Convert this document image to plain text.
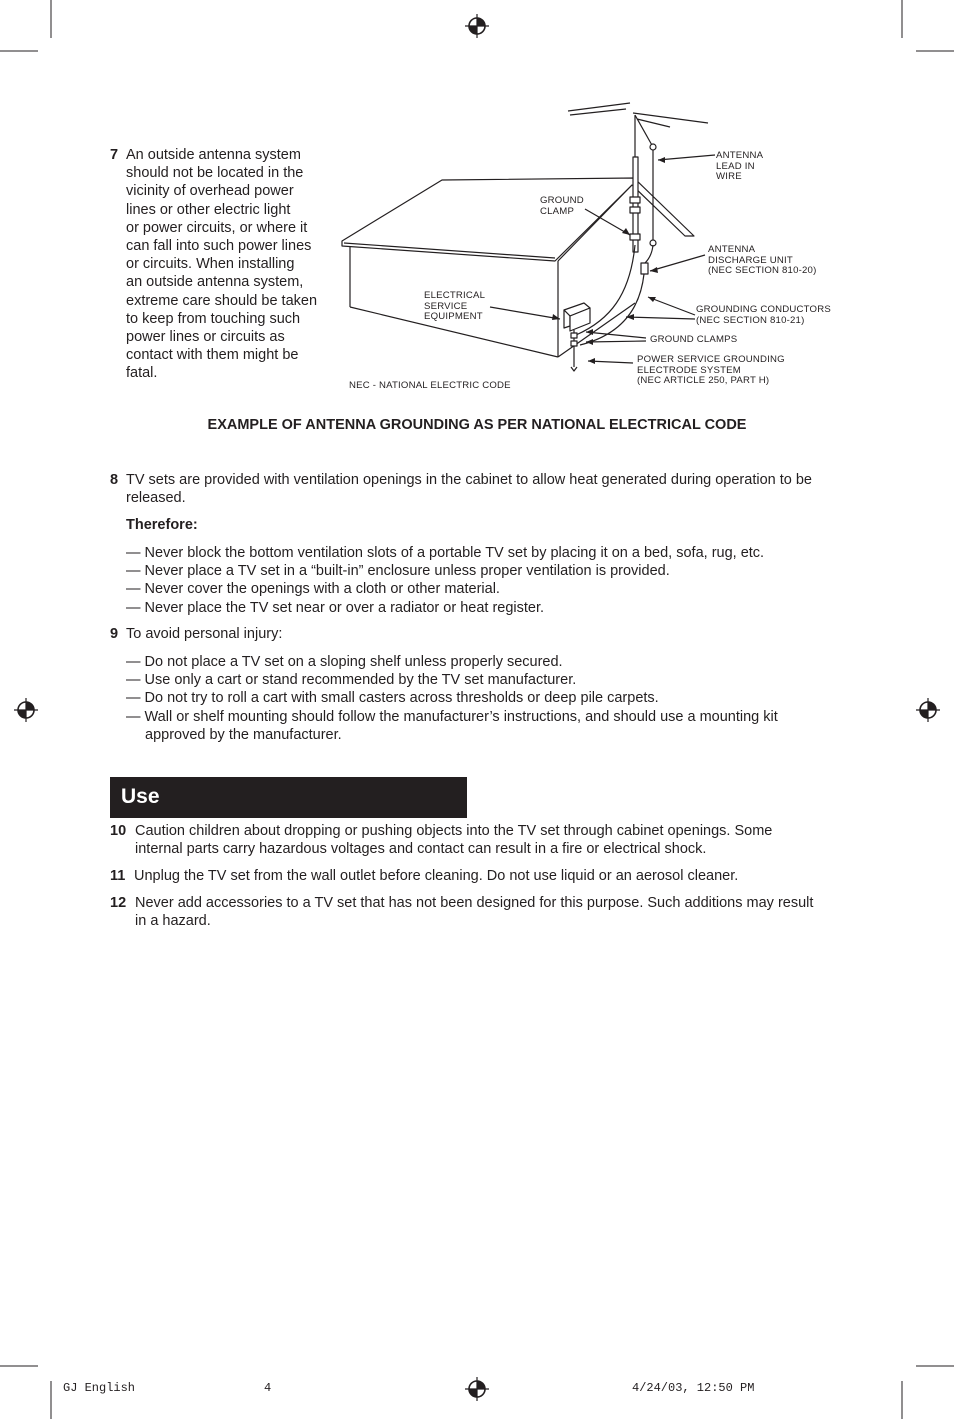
7 An outside antenna system
should not be located in the
vicinity of overhead power
lines or other electric light
or power circuits, or where it
can fall into such power lines
or circuits. When installing
an outside antenna system,
extreme care should be taken
to keep from touching such
power lines or circuits as
contact with them might be
fatal.
ANTENNA
LEAD IN
WIRE
GROUND
CLAMP
ANTENNA
DISCHARGE UNIT
(NEC SECTION 810-20)
ELECTRICAL
SERVICE
EQUIPMENT
GROUNDING CONDUCTORS
(NEC SECTION 810-21)
GROUND CLAMPS
POWER SERVICE GROUNDING
ELECTRODE SYSTEM
(NEC ARTICLE 250, PART H)
NEC - NATIONAL ELECTRIC CODE
EXAMPLE OF ANTENNA GROUNDING AS PER NATIONAL ELECTRICAL CODE
8 TV sets are provided with ventilation openings in the cabinet to allow heat generated during operation to be
released.
Therefore:
— Never block the bottom ventilation slots of a portable TV set by placing it on a bed, sofa, rug, etc.
— Never place a TV set in a “built-in” enclosure unless proper ventilation is provided.
— Never cover the openings with a cloth or other material.
— Never place the TV set near or over a radiator or heat register.
9 To avoid personal injury:
— Do not place a TV set on a sloping shelf unless properly secured.
— Use only a cart or stand recommended by the TV set manufacturer.
— Do not try to roll a cart with small casters across thresholds or deep pile carpets.
— Wall or shelf mounting should follow the manufacturer’s instructions, and should use a mounting kit
approved by the manufacturer.
Use
10 Caution children about dropping or pushing objects into the TV set through cabinet openings. Some
internal parts carry hazardous voltages and contact can result in a fire or electrical shock.
11 Unplug the TV set from the wall outlet before cleaning. Do not use liquid or an aerosol cleaner.
12 Never add accessories to a TV set that has not been designed for this purpose. Such additions may result
in a hazard.
GJ English	4	4/24/03, 12:50 PM
